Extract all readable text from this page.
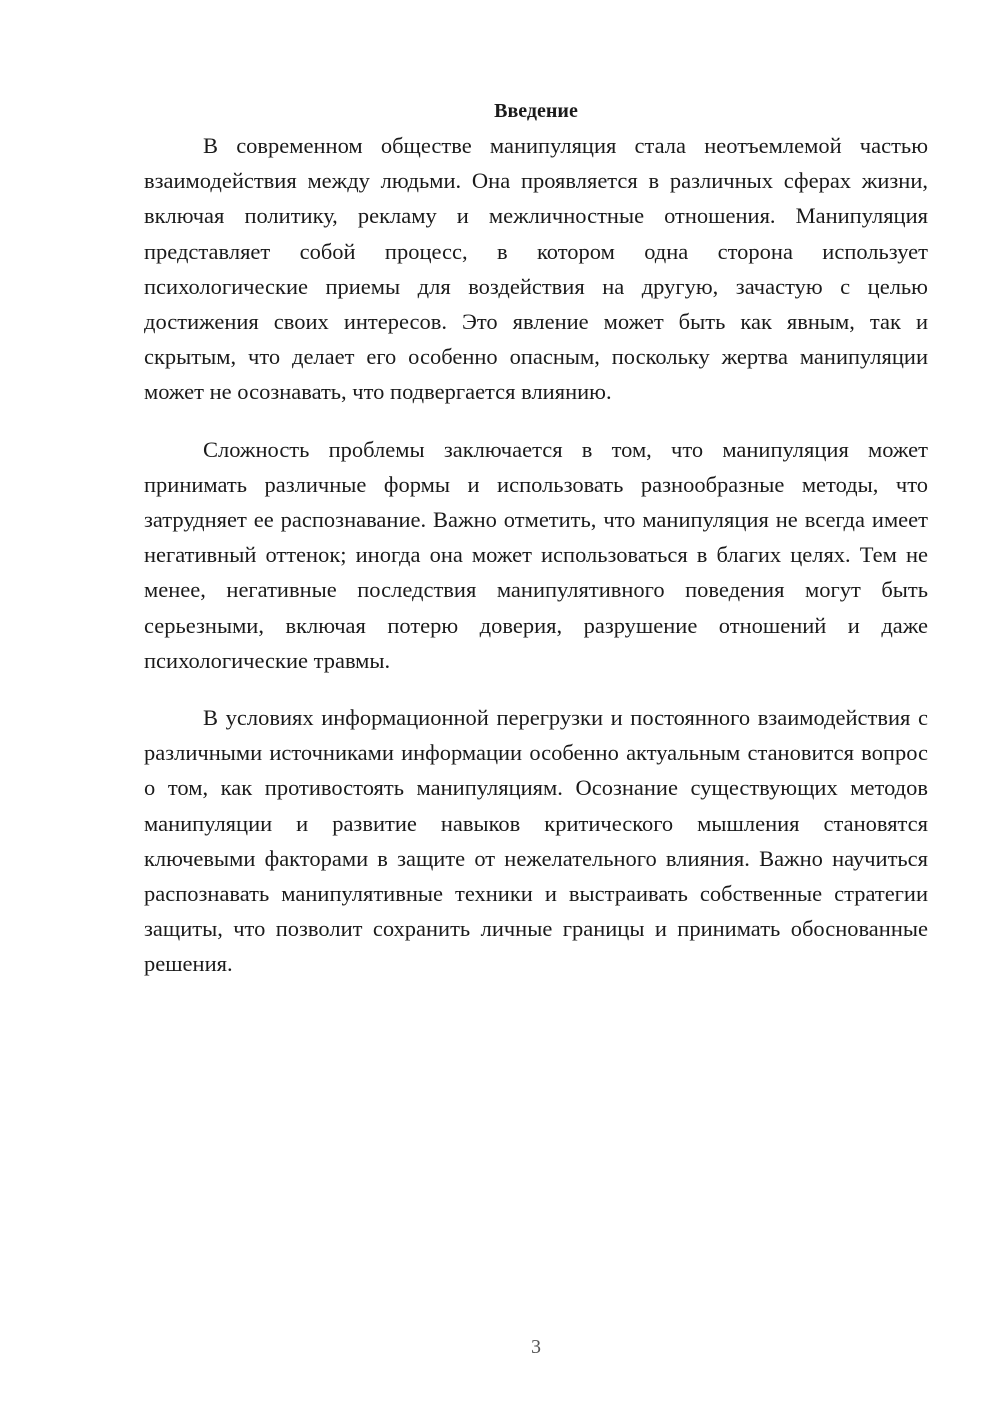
Введение

В современном обществе манипуляция стала неотъемлемой частью взаимодействия между людьми. Она проявляется в различных сферах жизни, включая политику, рекламу и межличностные отношения. Манипуляция представляет собой процесс, в котором одна сторона использует психологические приемы для воздействия на другую, зачастую с целью достижения своих интересов. Это явление может быть как явным, так и скрытым, что делает его особенно опасным, поскольку жертва манипуляции может не осознавать, что подвергается влиянию.

Сложность проблемы заключается в том, что манипуляция может принимать различные формы и использовать разнообразные методы, что затрудняет ее распознавание. Важно отметить, что манипуляция не всегда имеет негативный оттенок; иногда она может использоваться в благих целях. Тем не менее, негативные последствия манипулятивного поведения могут быть серьезными, включая потерю доверия, разрушение отношений и даже психологические травмы.

В условиях информационной перегрузки и постоянного взаимодействия с различными источниками информации особенно актуальным становится вопрос о том, как противостоять манипуляциям. Осознание существующих методов манипуляции и развитие навыков критического мышления становятся ключевыми факторами в защите от нежелательного влияния. Важно научиться распознавать манипулятивные техники и выстраивать собственные стратегии защиты, что позволит сохранить личные границы и принимать обоснованные решения.

3
